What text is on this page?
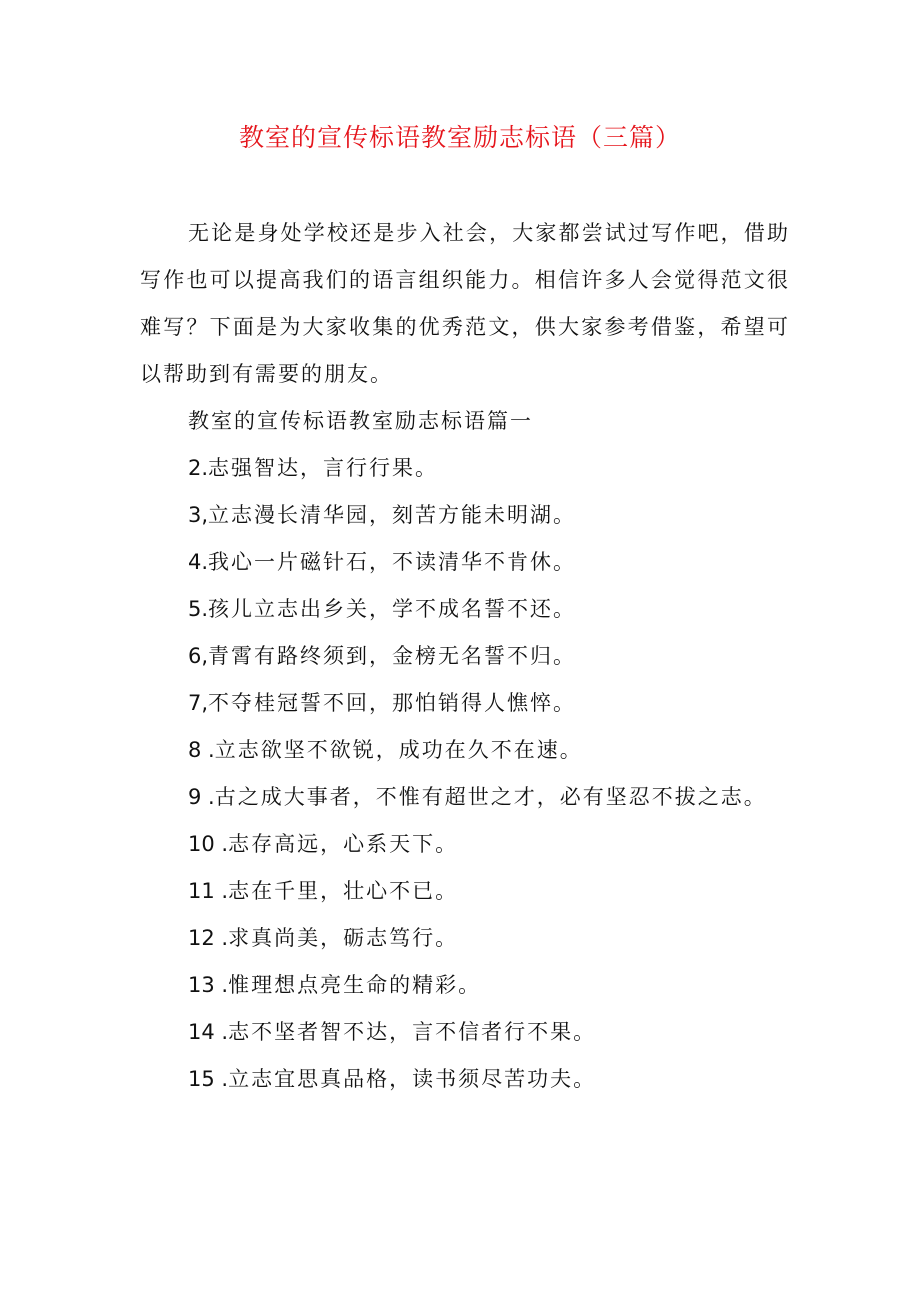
教室的宣传标语教室励志标语（三篇）

无论是身处学校还是步入社会，大家都尝试过写作吧，借助写作也可以提高我们的语言组织能力。相信许多人会觉得范文很难写？下面是为大家收集的优秀范文，供大家参考借鉴，希望可以帮助到有需要的朋友。

教室的宣传标语教室励志标语篇一

2.志强智达，言行行果。

3,立志漫长清华园，刻苦方能未明湖。

4.我心一片磁针石，不读清华不肯休。

5.孩儿立志出乡关，学不成名誓不还。

6,青霄有路终须到，金榜无名誓不归。

7,不夺桂冠誓不回，那怕销得人憔悴。

8 .立志欲坚不欲锐，成功在久不在速。

9 .古之成大事者，不惟有超世之才，必有坚忍不拔之志。

10 .志存高远，心系天下。

11 .志在千里，壮心不已。

12 .求真尚美，砺志笃行。

13 .惟理想点亮生命的精彩。

14 .志不坚者智不达，言不信者行不果。

15 .立志宜思真品格，读书须尽苦功夫。
